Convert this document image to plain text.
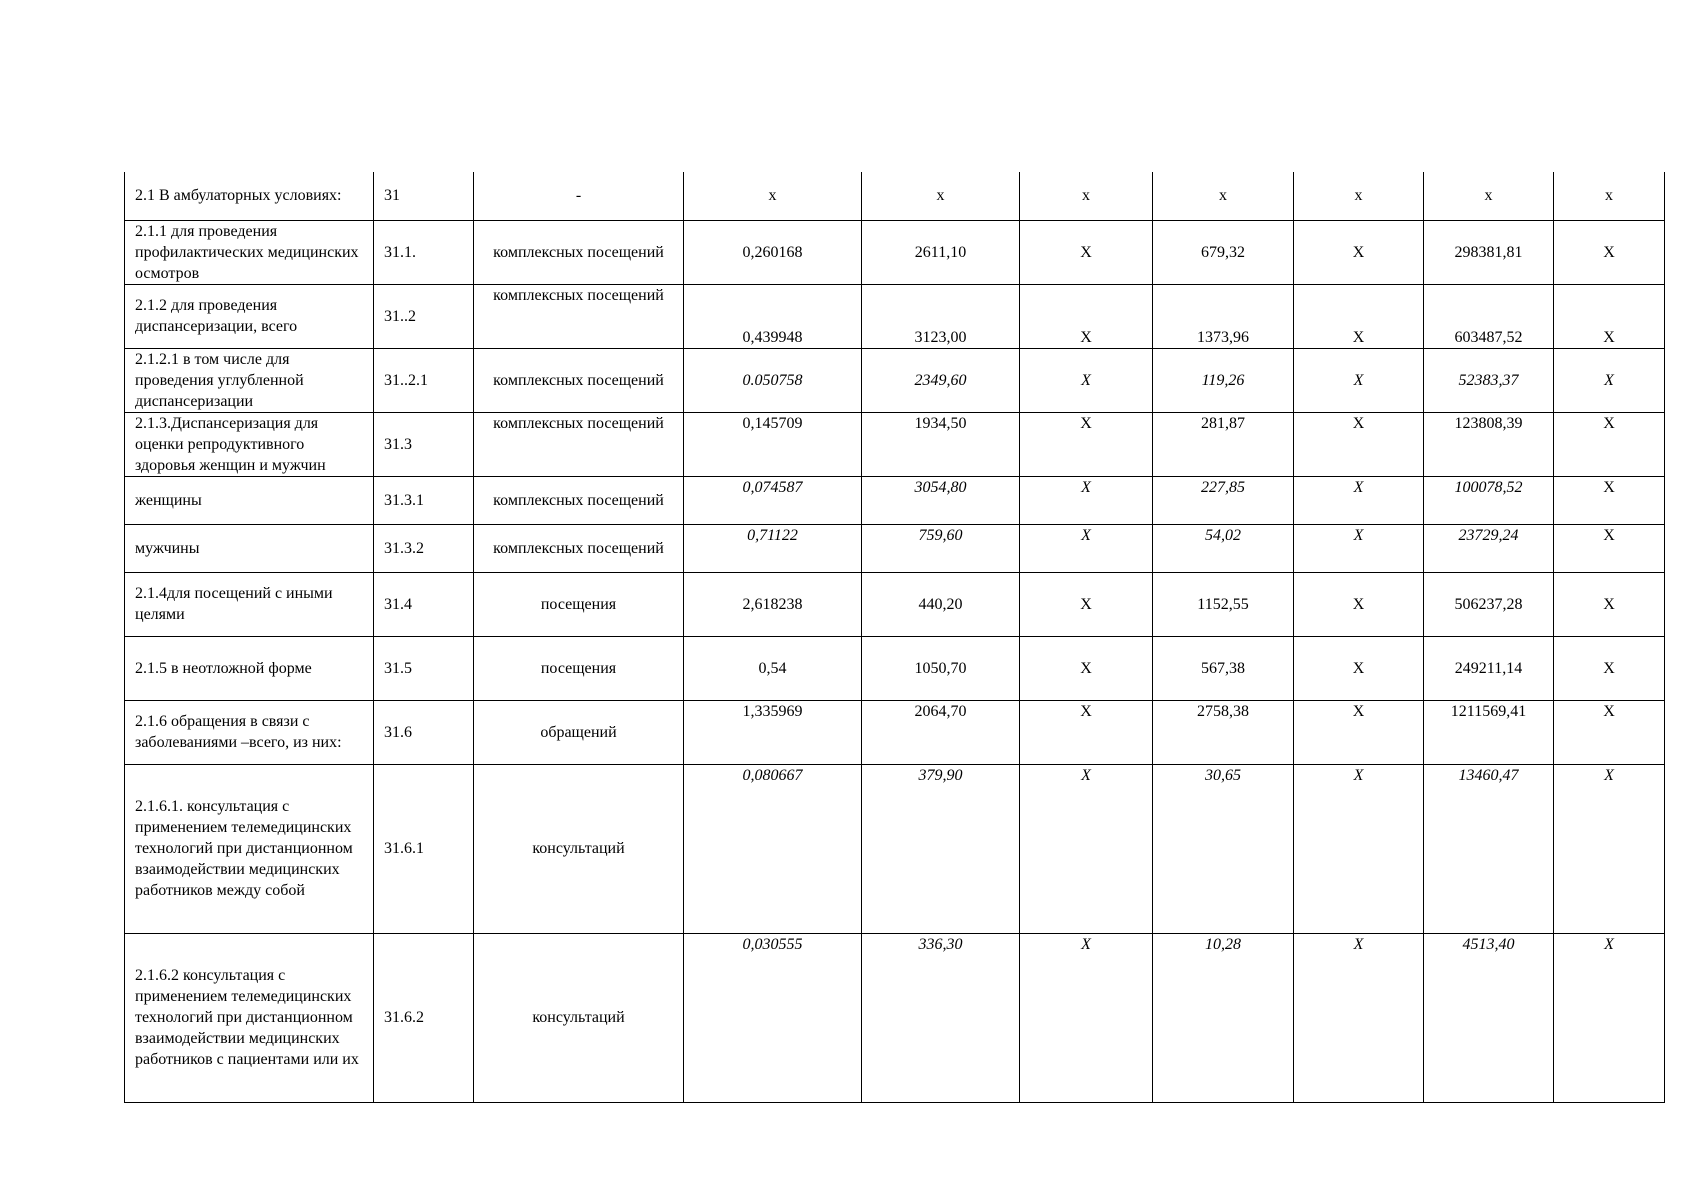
2.1 В амбулаторных условиях:	31	-	х	х	х	х	х	х	х
2.1.1 для проведения профилактических медицинских осмотров	31.1.	комплексных посещений	0,260168	2611,10	Х	679,32	Х	298381,81	Х
2.1.2 для проведения диспансеризации, всего	31..2	комплексных посещений	0,439948	3123,00	Х	1373,96	Х	603487,52	Х
2.1.2.1 в том числе для проведения углубленной диспансеризации	31..2.1	комплексных посещений	0.050758	2349,60	Х	119,26	Х	52383,37	Х
2.1.3.Диспансеризация для оценки репродуктивного здоровья женщин и мужчин	31.3	комплексных посещений	0,145709	1934,50	Х	281,87	Х	123808,39	Х
женщины	31.3.1	комплексных посещений	0,074587	3054,80	Х	227,85	Х	100078,52	Х
мужчины	31.3.2	комплексных посещений	0,71122	759,60	Х	54,02	Х	23729,24	Х
2.1.4для посещений с иными целями	31.4	посещения	2,618238	440,20	Х	1152,55	Х	506237,28	Х
2.1.5 в неотложной форме	31.5	посещения	0,54	1050,70	Х	567,38	Х	249211,14	Х
2.1.6 обращения в связи с заболеваниями –всего, из них:	31.6	обращений	1,335969	2064,70	Х	2758,38	Х	1211569,41	Х
2.1.6.1. консультация с применением телемедицинских технологий при дистанционном взаимодействии медицинских работников между собой	31.6.1	консультаций	0,080667	379,90	Х	30,65	Х	13460,47	Х
2.1.6.2 консультация с применением телемедицинских технологий при дистанционном взаимодействии медицинских работников с пациентами или их	31.6.2	консультаций	0,030555	336,30	Х	10,28	Х	4513,40	Х
